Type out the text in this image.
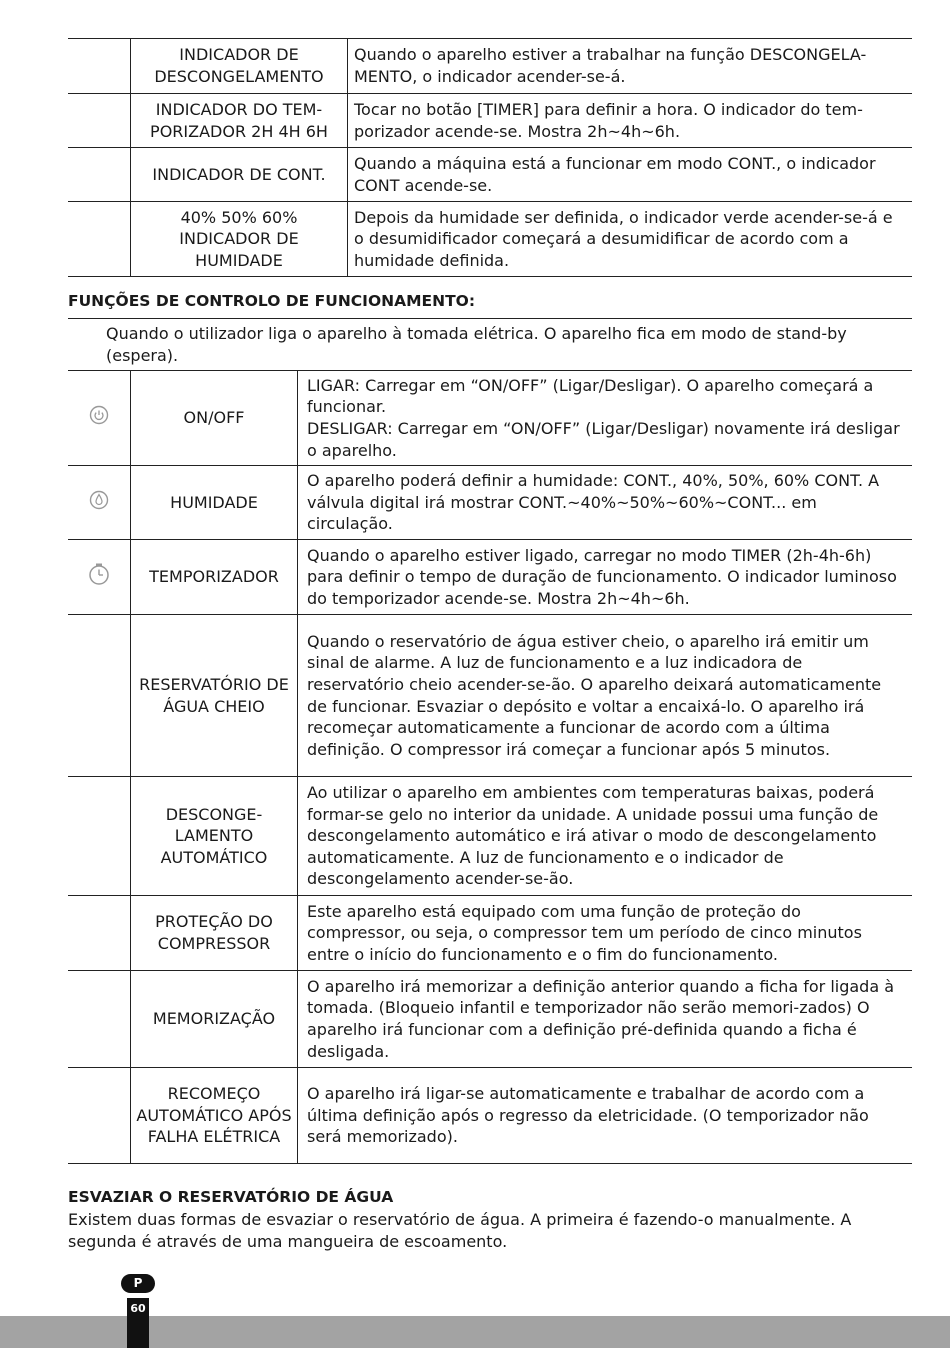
	INDICADOR DE DESCONGELAMENTO	Quando o aparelho estiver a trabalhar na função DESCONGELA-MENTO, o indicador acender-se-á.
	INDICADOR DO TEM-PORIZADOR 2H 4H 6H	Tocar no botão [TIMER] para definir a hora. O indicador do tem-porizador acende-se. Mostra 2h~4h~6h.
	INDICADOR DE CONT.	Quando a máquina está a funcionar em modo CONT., o indicador CONT acende-se.
	40% 50% 60% INDICADOR DE HUMIDADE	Depois da humidade ser definida, o indicador verde acender-se-á e o desumidificador começará a desumidificar de acordo com a humidade definida.
FUNÇÕES DE CONTROLO DE FUNCIONAMENTO:
Quando o utilizador liga o aparelho à tomada elétrica. O aparelho fica em modo de stand-by (espera).
	ON/OFF	LIGAR: Carregar em “ON/OFF” (Ligar/Desligar). O aparelho começará a funcionar.
DESLIGAR: Carregar em “ON/OFF” (Ligar/Desligar) novamente irá desligar o aparelho.

	HUMIDADE	O aparelho poderá definir a humidade: CONT., 40%, 50%, 60% CONT. A válvula digital irá mostrar CONT.~40%~50%~60%~CONT... em circulação.
	TEMPORIZADOR	Quando o aparelho estiver ligado, carregar no modo TIMER (2h-4h-6h) para definir o tempo de duração de funcionamento. O indicador luminoso do temporizador acende-se. Mostra 2h~4h~6h.
	RESERVATÓRIO DE ÁGUA CHEIO	Quando o reservatório de água estiver cheio, o aparelho irá emitir um sinal de alarme. A luz de funcionamento e a luz indicadora de reservatório cheio acender-se-ão. O aparelho deixará automaticamente de funcionar. Esvaziar o depósito e voltar a encaixá-lo. O aparelho irá recomeçar automaticamente a funcionar de acordo com a última definição. O compressor irá começar a funcionar após 5 minutos.
	DESCONGE-LAMENTO AUTOMÁTICO	Ao utilizar o aparelho em ambientes com temperaturas baixas, poderá formar-se gelo no interior da unidade. A unidade possui uma função de descongelamento automático e irá ativar o modo de descongelamento automaticamente. A luz de funcionamento e o indicador de descongelamento acender-se-ão.
	PROTEÇÃO DO COMPRESSOR	Este aparelho está equipado com uma função de proteção do compressor, ou seja, o compressor tem um período de cinco minutos entre o início do funcionamento e o fim do funcionamento.
	MEMORIZAÇÃO	O aparelho irá memorizar a definição anterior quando a ficha for ligada à tomada. (Bloqueio infantil e temporizador não serão memori-zados) O aparelho irá funcionar com a definição pré-definida quando a ficha é desligada.
	RECOMEÇO AUTOMÁTICO APÓS FALHA ELÉTRICA	O aparelho irá ligar-se automaticamente e trabalhar de acordo com a última definição após o regresso da eletricidade. (O temporizador não será memorizado).
ESVAZIAR O RESERVATÓRIO DE ÁGUA
Existem duas formas de esvaziar o reservatório de água. A primeira é fazendo-o manualmente. A segunda é através de uma mangueira de escoamento.
P
60
